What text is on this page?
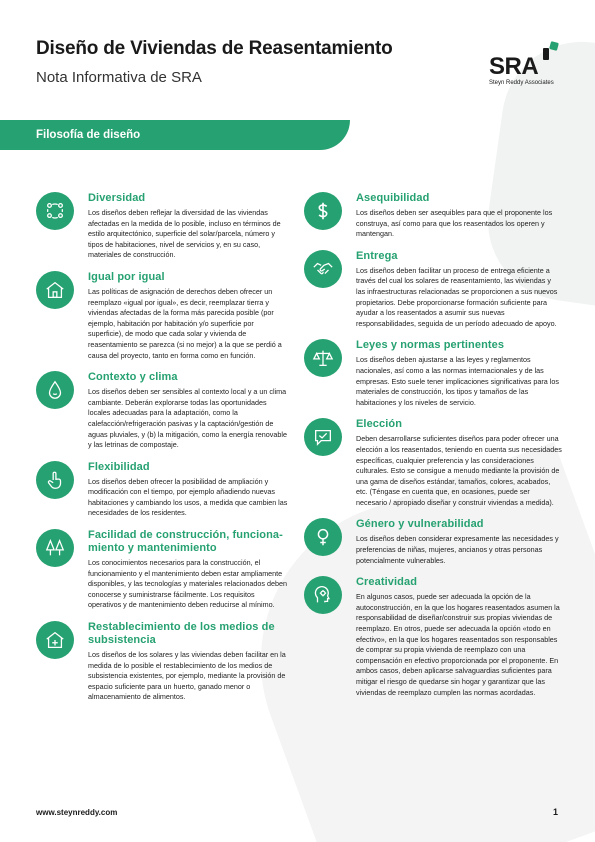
Diseño de Viviendas de Reasentamiento
Nota Informativa de SRA	SRA
Steyn Reddy Associates
Filosofía de diseño
Diversidad
Los diseños deben reflejar la diversidad de las viviendas afectadas en la medida de lo posible, incluso en términos de estilo arquitectónico, superficie del solar/parcela, número y tipos de habitaciones, nivel de servicios y, en su caso, materiales de construcción.
Igual por igual
Las políticas de asignación de derechos deben ofrecer un reemplazo «igual por igual», es decir, reemplazar tierra y viviendas afectadas de la forma más parecida posible (por ejemplo, habitación por habitación y/o superficie por superficie), de modo que cada solar y vivienda de reasentamiento se parezca (si no mejor) a la que se perdió a causa del proyecto, tanto en forma como en función.
Contexto y clima
Los diseños deben ser sensibles al contexto local y a un clima cambiante. Deberán explorarse todas las oportunidades locales adecuadas para la adaptación, como la calefacción/refrigeración pasivas y la captación/gestión de aguas pluviales, y (b) la mitigación, como la energía renovable y las letrinas de compostaje.
Flexibilidad
Los diseños deben ofrecer la posibilidad de ampliación y modificación con el tiempo, por ejemplo añadiendo nuevas habitaciones y cambiando los usos, a medida que cambien las necesidades de los residentes.
Facilidad de construcción, funciona-miento y mantenimiento
Los conocimientos necesarios para la construcción, el funcionamiento y el mantenimiento deben estar ampliamente disponibles, y las tecnologías y materiales relacionados deben conocerse y suministrarse fácilmente. Los requisitos operativos y de mantenimiento deben reducirse al mínimo.
Restablecimiento de los medios de subsistencia
Los diseños de los solares y las viviendas deben facilitar en la medida de lo posible el restablecimiento de los medios de subsistencia existentes, por ejemplo, mediante la provisión de espacio suficiente para un huerto, ganado menor o almacenamiento de alimentos.
Asequibilidad
Los diseños deben ser asequibles para que el proponente los construya, así como para que los reasentados los operen y mantengan.
Entrega
Los diseños deben facilitar un proceso de entrega eficiente a través del cual los solares de reasentamiento, las viviendas y las infraestructuras relacionadas se proporcionen a sus nuevos propietarios. Debe proporcionarse formación suficiente para ayudar a los reasentados a asumir sus nuevas responsabilidades, seguida de un período adecuado de apoyo.
Leyes y normas pertinentes
Los diseños deben ajustarse a las leyes y reglamentos nacionales, así como a las normas internacionales y de las empresas. Esto suele tener implicaciones significativas para los materiales de construcción, los tipos y tamaños de las habitaciones y los niveles de servicio.
Elección
Deben desarrollarse suficientes diseños para poder ofrecer una elección a los reasentados, teniendo en cuenta sus necesidades específicas, cualquier preferencia y las consideraciones culturales. Esto se consigue a menudo mediante la provisión de una gama de diseños estándar, tamaños, colores, acabados, etc. (Téngase en cuenta que, en ocasiones, puede ser necesario / apropiado diseñar y construir viviendas a medida).
Género y vulnerabilidad
Los diseños deben considerar expresamente las necesidades y preferencias de niñas, mujeres, ancianos y otras personas potencialmente vulnerables.
Creatividad
En algunos casos, puede ser adecuada la opción de la autoconstrucción, en la que los hogares reasentados asumen la responsabilidad de diseñar/construir sus propias viviendas de reemplazo. En otros, puede ser adecuada la opción «todo en efectivo», en la que los hogares reasentados son responsables de comprar su propia vivienda de reemplazo con una compensación en efectivo proporcionada por el proponente. En ambos casos, deben aplicarse salvaguardias suficientes para mitigar el riesgo de quedarse sin hogar y garantizar que las viviendas de reemplazo cumplen las normas acordadas.
www.steynreddy.com	1
